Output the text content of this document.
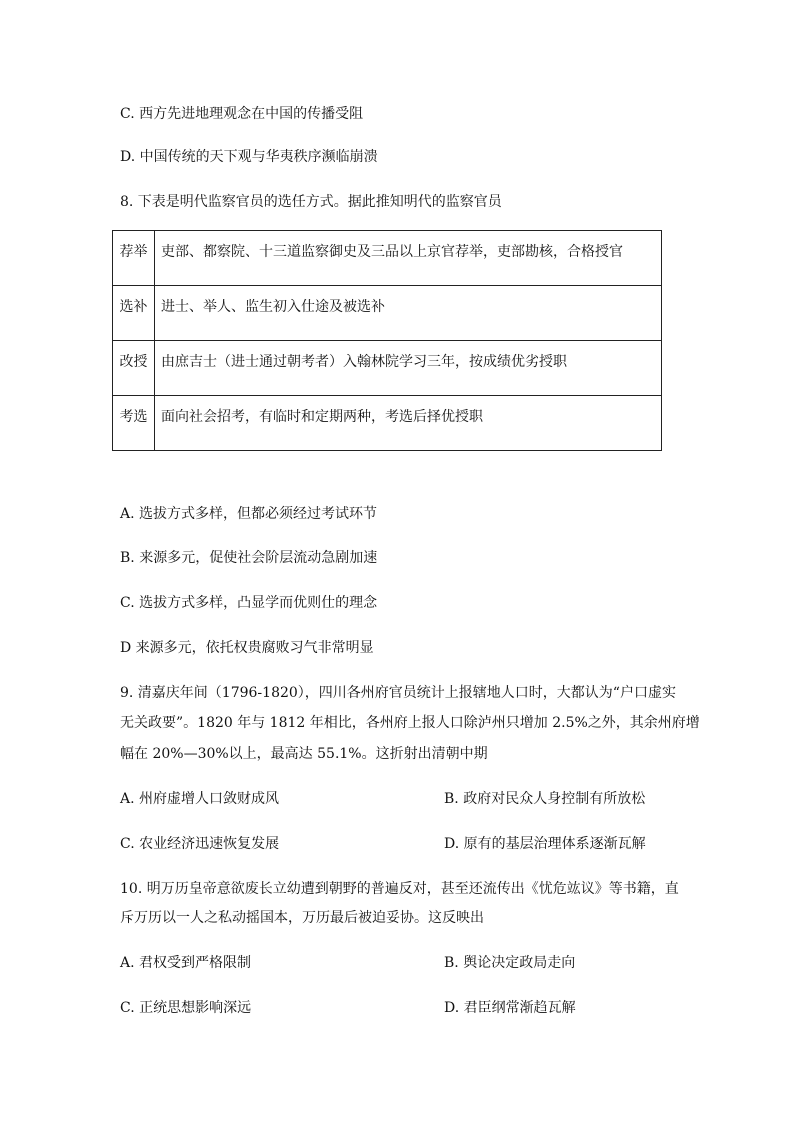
C. 西方先进地理观念在中国的传播受阻
D. 中国传统的天下观与华夷秩序濒临崩溃
8. 下表是明代监察官员的选任方式。据此推知明代的监察官员
荐举	吏部、都察院、十三道监察御史及三品以上京官荐举，吏部勘核，合格授官
选补	进士、举人、监生初入仕途及被选补
改授	由庶吉士（进士通过朝考者）入翰林院学习三年，按成绩优劣授职
考选	面向社会招考，有临时和定期两种，考选后择优授职
A. 选拔方式多样，但都必须经过考试环节
B. 来源多元，促使社会阶层流动急剧加速
C. 选拔方式多样，凸显学而优则仕的理念
D 来源多元，依托权贵腐败习气非常明显
9. 清嘉庆年间（1796-1820），四川各州府官员统计上报辖地人口时，大都认为“户口虚实
无关政要”。1820 年与 1812 年相比，各州府上报人口除泸州只增加 2.5%之外，其余州府增
幅在 20%—30%以上，最高达 55.1%。这折射出清朝中期
A. 州府虚增人口敛财成风	B. 政府对民众人身控制有所放松
C. 农业经济迅速恢复发展	D. 原有的基层治理体系逐渐瓦解
10. 明万历皇帝意欲废长立幼遭到朝野的普遍反对，甚至还流传出《忧危竑议》等书籍，直
斥万历以一人之私动摇国本，万历最后被迫妥协。这反映出
A. 君权受到严格限制	B. 舆论决定政局走向
C. 正统思想影响深远	D. 君臣纲常渐趋瓦解
